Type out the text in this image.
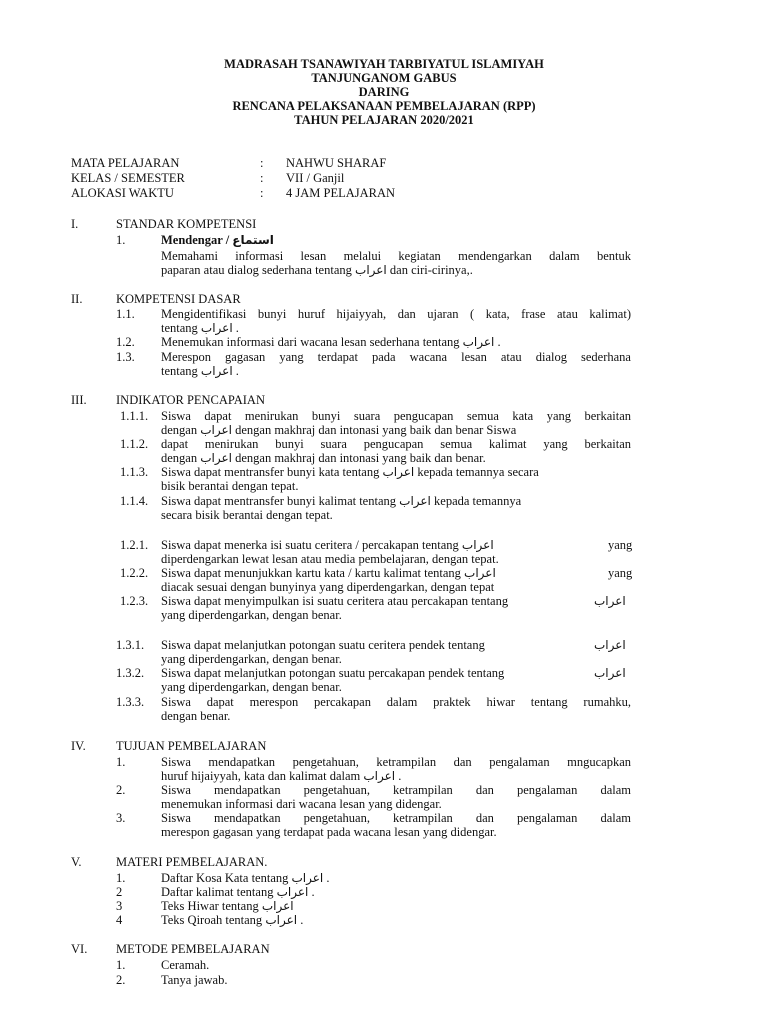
MADRASAH TSANAWIYAH TARBIYATUL ISLAMIYAH
TANJUNGANOM GABUS
DARING
RENCANA PELAKSANAAN PEMBELAJARAN (RPP)
TAHUN PELAJARAN 2020/2021
MATA PELAJARAN	: NAHWU SHARAF
KELAS / SEMESTER	: VII / Ganjil
ALOKASI WAKTU	: 4 JAM PELAJARAN
I.	STANDAR KOMPETENSI
1.	Mendengar / استماع
Memahami informasi lesan melalui kegiatan mendengarkan dalam bentuk
paparan atau dialog sederhana tentang اعراب dan ciri-cirinya,.
II.	KOMPETENSI DASAR
1.1. Mengidentifikasi bunyi huruf hijaiyyah, dan ujaran ( kata, frase atau kalimat)
tentang اعراب .
1.2. Menemukan informasi dari wacana lesan sederhana tentang اعراب .
1.3. Merespon gagasan yang terdapat pada wacana lesan atau dialog sederhana
tentang اعراب .
III. INDIKATOR PENCAPAIAN
1.1.1. Siswa dapat menirukan bunyi suara pengucapan semua kata yang berkaitan
dengan اعراب dengan makhraj dan intonasi yang baik dan benar Siswa
1.1.2. dapat menirukan bunyi suara pengucapan semua kalimat yang berkaitan
dengan اعراب dengan makhraj dan intonasi yang baik dan benar.
1.1.3. Siswa dapat mentransfer bunyi kata tentang اعراب kepada temannya secara
bisik berantai dengan tepat.
1.1.4. Siswa dapat mentransfer bunyi kalimat tentang اعراب kepada temannya
secara bisik berantai dengan tepat.
1.2.1. Siswa dapat menerka isi suatu ceritera / percakapan tentang اعراب	yang
diperdengarkan lewat lesan atau media pembelajaran, dengan tepat.
1.2.2. Siswa dapat menunjukkan kartu kata / kartu kalimat tentang اعراب	yang
diacak sesuai dengan bunyinya yang diperdengarkan, dengan tepat
1.2.3. Siswa dapat menyimpulkan isi suatu ceritera atau percakapan tentang	اعراب
yang diperdengarkan, dengan benar.
1.3.1. Siswa dapat melanjutkan potongan suatu ceritera pendek tentang	اعراب
yang diperdengarkan, dengan benar.
1.3.2. Siswa dapat melanjutkan potongan suatu percakapan pendek tentang	اعراب
yang diperdengarkan, dengan benar.
1.3.3. Siswa dapat merespon percakapan dalam praktek hiwar tentang rumahku,
dengan benar.
IV. TUJUAN PEMBELAJARAN
1.	Siswa mendapatkan pengetahuan, ketrampilan dan pengalaman mngucapkan
huruf hijaiyyah, kata dan kalimat dalam اعراب .
2.	Siswa mendapatkan pengetahuan, ketrampilan dan pengalaman dalam
menemukan informasi dari wacana lesan yang didengar.
3.	Siswa mendapatkan pengetahuan, ketrampilan dan pengalaman dalam
merespon gagasan yang terdapat pada wacana lesan yang didengar.
V.	MATERI PEMBELAJARAN.
1.	Daftar Kosa Kata tentang اعراب .
2	Daftar kalimat tentang اعراب .
3	Teks Hiwar tentang اعراب
4	Teks Qiroah tentang اعراب .
VI. METODE PEMBELAJARAN
1.	Ceramah.
2.	Tanya jawab.
